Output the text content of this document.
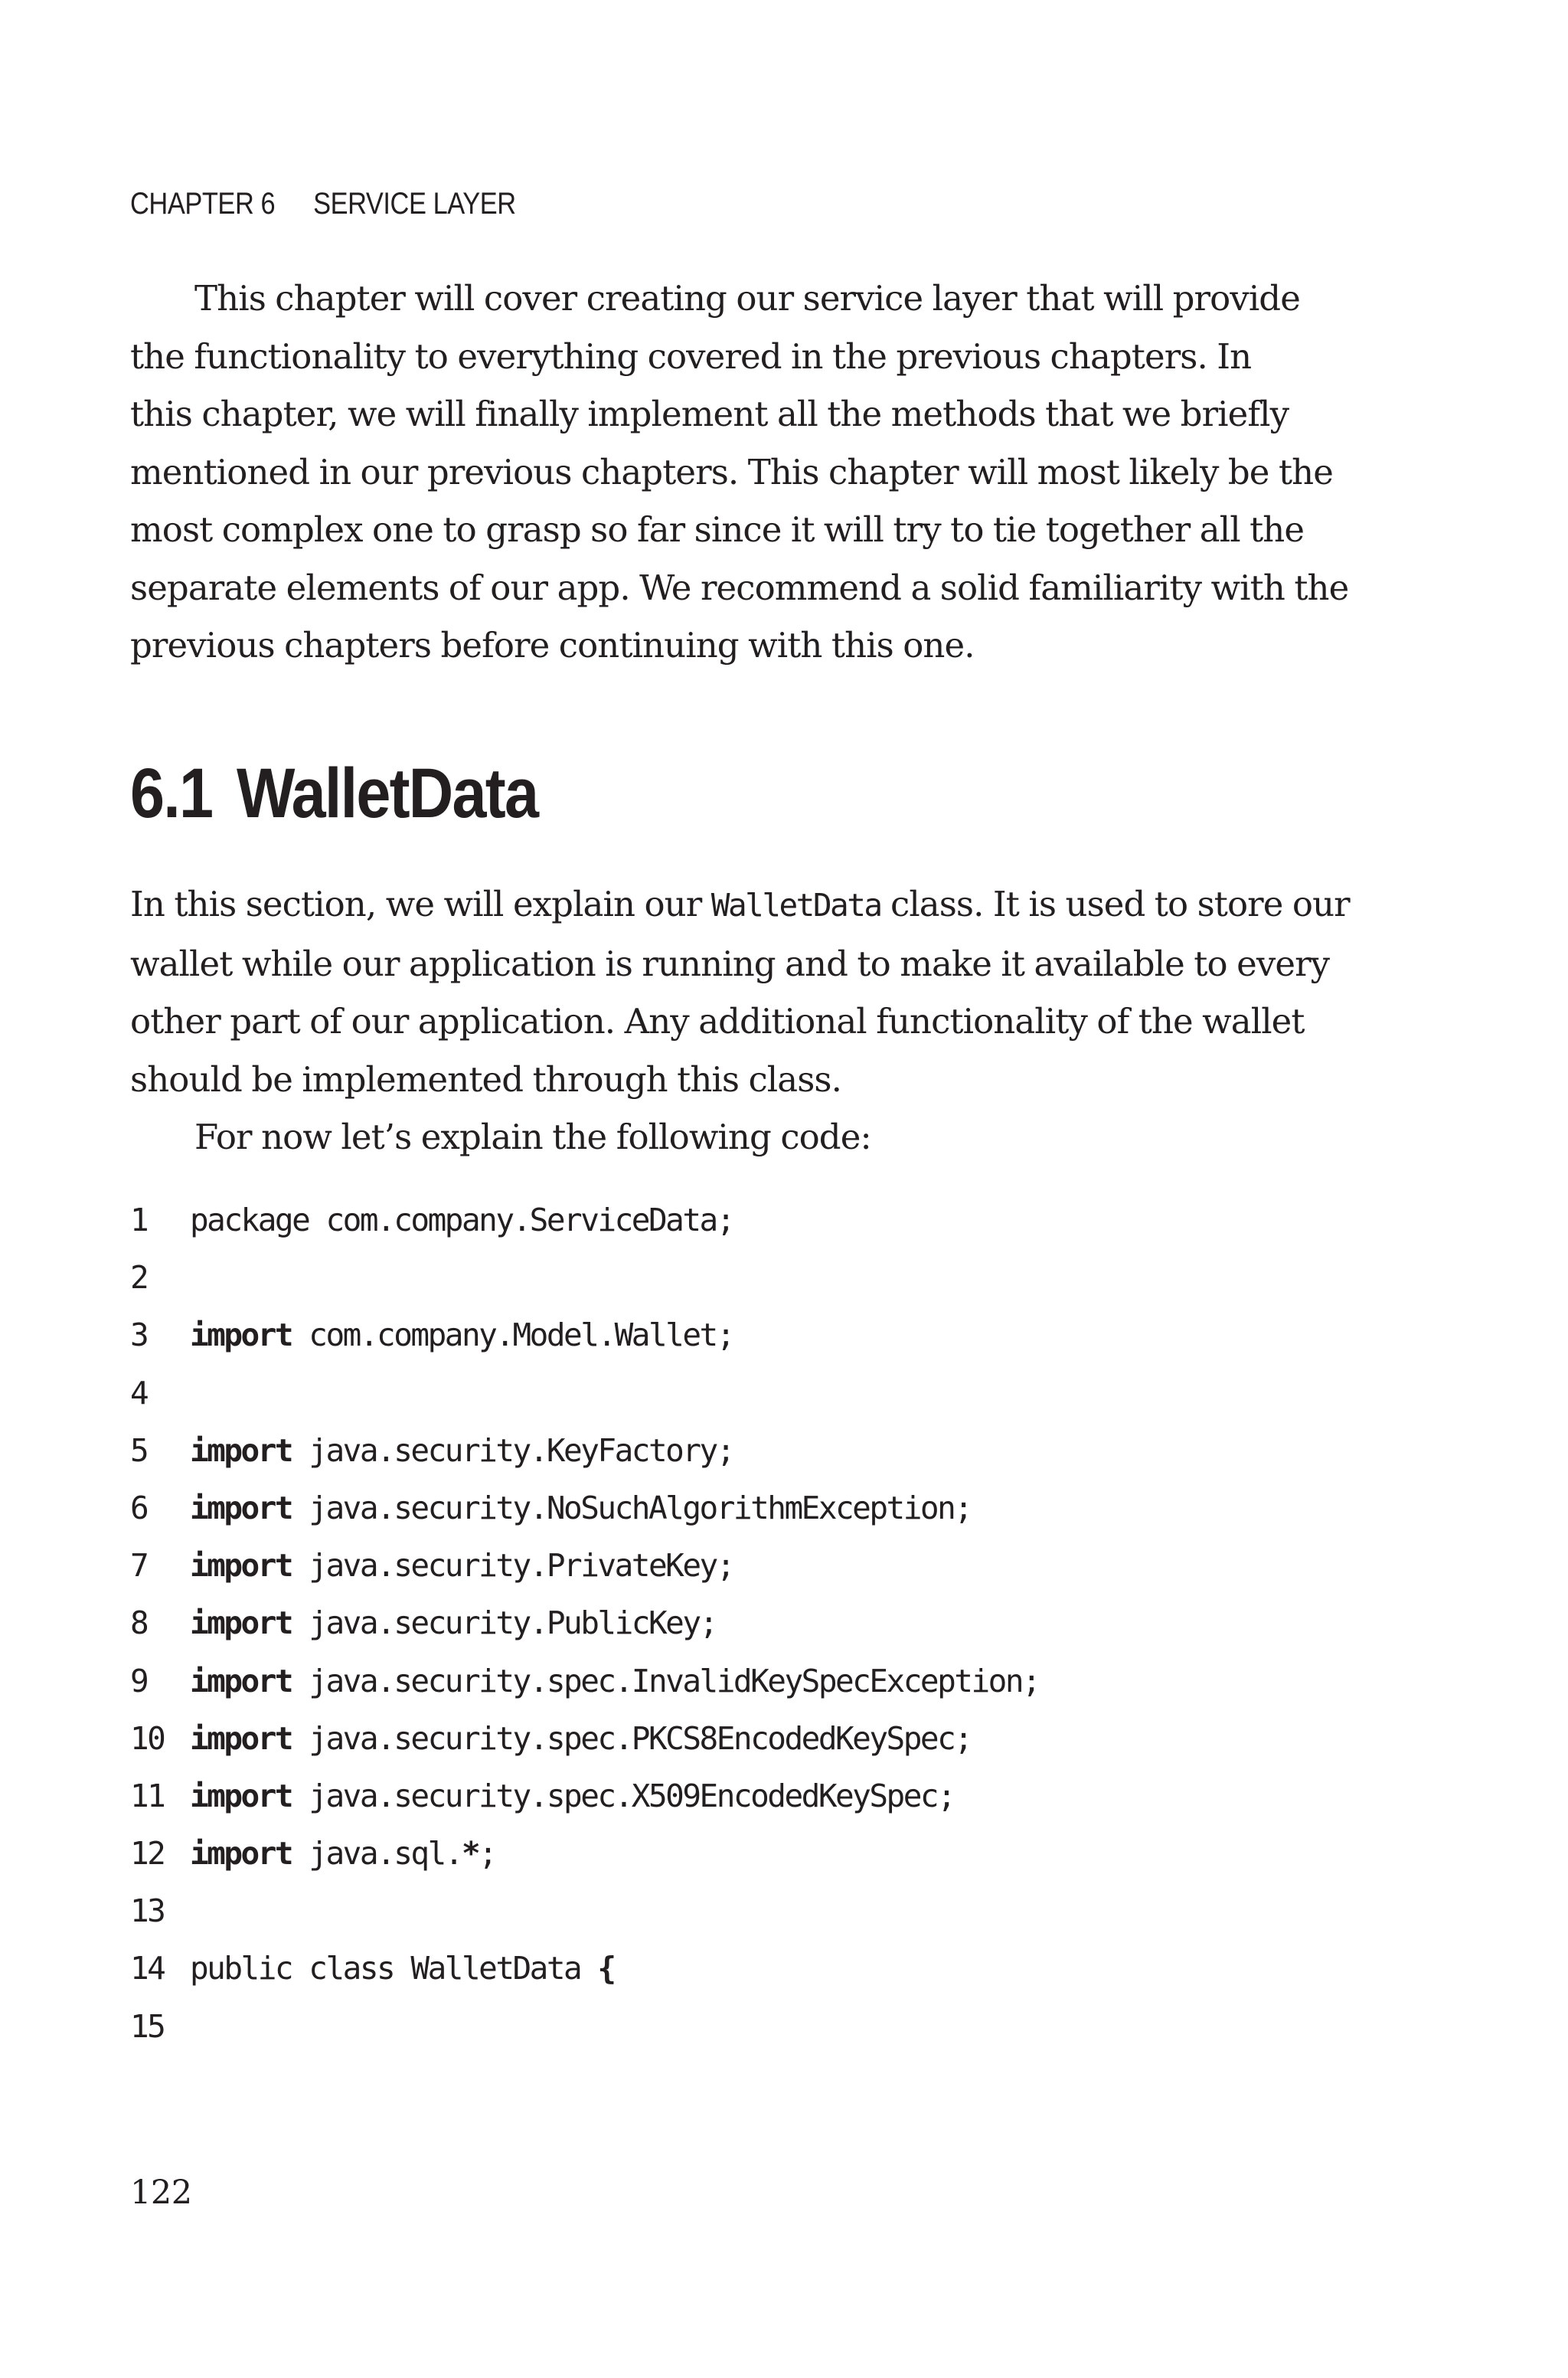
CHAPTER 6 SERVICE LAYER
This chapter will cover creating our service layer that will provide
the functionality to everything covered in the previous chapters. In
this chapter, we will finally implement all the methods that we briefly
mentioned in our previous chapters. This chapter will most likely be the
most complex one to grasp so far since it will try to tie together all the
separate elements of our app. We recommend a solid familiarity with the
previous chapters before continuing with this one.
6.1 WalletData
In this section, we will explain our WalletData class. It is used to store our
wallet while our application is running and to make it available to every
other part of our application. Any additional functionality of the wallet
should be implemented through this class.
For now let’s explain the following code:
1 package com.company.ServiceData;
2
3 import com.company.Model.Wallet;
4
5 import java.security.KeyFactory;
6 import java.security.NoSuchAlgorithmException;
7 import java.security.PrivateKey;
8 import java.security.PublicKey;
9 import java.security.spec.InvalidKeySpecException;
10 import java.security.spec.PKCS8EncodedKeySpec;
11 import java.security.spec.X509EncodedKeySpec;
12 import java.sql.*;
13
14 public class WalletData {
15
122
